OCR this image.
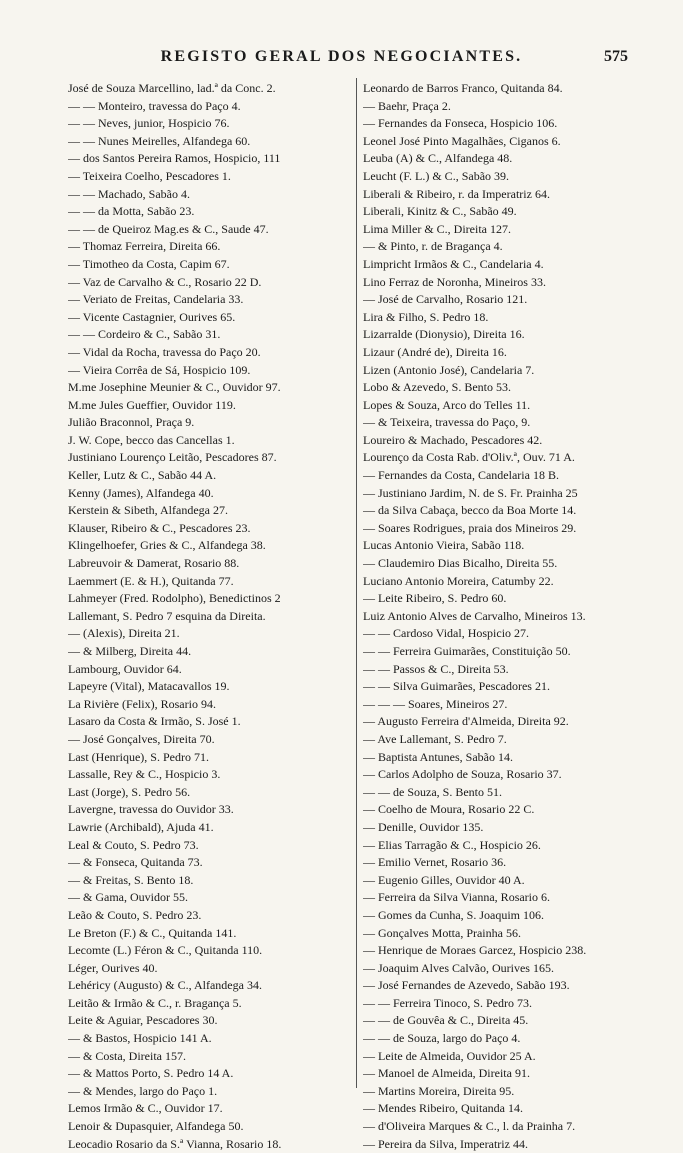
REGISTO GERAL DOS NEGOCIANTES.	575
José de Souza Marcellino, lad.ª da Conc. 2.
— — Monteiro, travessa do Paço 4.
— — Neves, junior, Hospicio 76.
— — Nunes Meirelles, Alfandega 60.
— dos Santos Pereira Ramos, Hospicio, 111
— Teixeira Coelho, Pescadores 1.
— — Machado, Sabão 4.
— — da Motta, Sabão 23.
— — de Queiroz Mag.es & C., Saude 47.
— Thomaz Ferreira, Direita 66.
— Timotheo da Costa, Capim 67.
— Vaz de Carvalho & C., Rosario 22 D.
— Veriato de Freitas, Candelaria 33.
— Vicente Castagnier, Ourives 65.
— — Cordeiro & C., Sabão 31.
— Vidal da Rocha, travessa do Paço 20.
— Vieira Corrêa de Sá, Hospicio 109.
M.me Josephine Meunier & C., Ouvidor 97.
M.me Jules Gueffier, Ouvidor 119.
Julião Braconnol, Praça 9.
J. W. Cope, becco das Cancellas 1.
Justiniano Lourenço Leitão, Pescadores 87.
Keller, Lutz & C., Sabão 44 A.
Kenny (James), Alfandega 40.
Kerstein & Sibeth, Alfandega 27.
Klauser, Ribeiro & C., Pescadores 23.
Klingelhoefer, Gries & C., Alfandega 38.
Labreuvoir & Damerat, Rosario 88.
Laemmert (E. & H.), Quitanda 77.
Lahmeyer (Fred. Rodolpho), Benedictinos 2
Lallemant, S. Pedro 7 esquina da Direita.
— (Alexis), Direita 21.
— & Milberg, Direita 44.
Lambourg, Ouvidor 64.
Lapeyre (Vital), Matacavallos 19.
La Rivière (Felix), Rosario 94.
Lasaro da Costa & Irmão, S. José 1.
— José Gonçalves, Direita 70.
Last (Henrique), S. Pedro 71.
Lassalle, Rey & C., Hospicio 3.
Last (Jorge), S. Pedro 56.
Lavergne, travessa do Ouvidor 33.
Lawrie (Archibald), Ajuda 41.
Leal & Couto, S. Pedro 73.
— & Fonseca, Quitanda 73.
— & Freitas, S. Bento 18.
— & Gama, Ouvidor 55.
Leão & Couto, S. Pedro 23.
Le Breton (F.) & C., Quitanda 141.
Lecomte (L.) Féron & C., Quitanda 110.
Léger, Ourives 40.
Lehéricy (Augusto) & C., Alfandega 34.
Leitão & Irmão & C., r. Bragança 5.
Leite & Aguiar, Pescadores 30.
— & Bastos, Hospicio 141 A.
— & Costa, Direita 157.
— & Mattos Porto, S. Pedro 14 A.
— & Mendes, largo do Paço 1.
Lemos Irmão & C., Ouvidor 17.
Lenoir & Dupasquier, Alfandega 50.
Leocadio Rosario da S.ª Vianna, Rosario 18.
Leonardo de Barros Franco, Quitanda 84.
— Baehr, Praça 2.
— Fernandes da Fonseca, Hospicio 106.
Leonel José Pinto Magalhães, Ciganos 6.
Leuba (A) & C., Alfandega 48.
Leucht (F. L.) & C., Sabão 39.
Liberali & Ribeiro, r. da Imperatriz 64.
Liberali, Kinitz & C., Sabão 49.
Lima Miller & C., Direita 127.
— & Pinto, r. de Bragança 4.
Limpricht Irmãos & C., Candelaria 4.
Lino Ferraz de Noronha, Mineiros 33.
— José de Carvalho, Rosario 121.
Lira & Filho, S. Pedro 18.
Lizarralde (Dionysio), Direita 16.
Lizaur (André de), Direita 16.
Lizen (Antonio José), Candelaria 7.
Lobo & Azevedo, S. Bento 53.
Lopes & Souza, Arco do Telles 11.
— & Teixeira, travessa do Paço, 9.
Loureiro & Machado, Pescadores 42.
Lourenço da Costa Rab. d'Oliv.ª, Ouv. 71 A.
— Fernandes da Costa, Candelaria 18 B.
— Justiniano Jardim, N. de S. Fr. Prainha 25
— da Silva Cabaça, becco da Boa Morte 14.
— Soares Rodrigues, praia dos Mineiros 29.
Lucas Antonio Vieira, Sabão 118.
— Claudemiro Dias Bicalho, Direita 55.
Luciano Antonio Moreira, Catumby 22.
— Leite Ribeiro, S. Pedro 60.
Luiz Antonio Alves de Carvalho, Mineiros 13.
— — Cardoso Vidal, Hospicio 27.
— — Ferreira Guimarães, Constituição 50.
— — Passos & C., Direita 53.
— — Silva Guimarães, Pescadores 21.
— — — Soares, Mineiros 27.
— Augusto Ferreira d'Almeida, Direita 92.
— Ave Lallemant, S. Pedro 7.
— Baptista Antunes, Sabão 14.
— Carlos Adolpho de Souza, Rosario 37.
— — de Souza, S. Bento 51.
— Coelho de Moura, Rosario 22 C.
— Denille, Ouvidor 135.
— Elias Tarragão & C., Hospicio 26.
— Emilio Vernet, Rosario 36.
— Eugenio Gilles, Ouvidor 40 A.
— Ferreira da Silva Vianna, Rosario 6.
— Gomes da Cunha, S. Joaquim 106.
— Gonçalves Motta, Prainha 56.
— Henrique de Moraes Garcez, Hospicio 238.
— Joaquim Alves Calvão, Ourives 165.
— José Fernandes de Azevedo, Sabão 193.
— — Ferreira Tinoco, S. Pedro 73.
— — de Gouvêa & C., Direita 45.
— — de Souza, largo do Paço 4.
— Leite de Almeida, Ouvidor 25 A.
— Manoel de Almeida, Direita 91.
— Martins Moreira, Direita 95.
— Mendes Ribeiro, Quitanda 14.
— d'Oliveira Marques & C., l. da Prainha 7.
— Pereira da Silva, Imperatriz 44.
